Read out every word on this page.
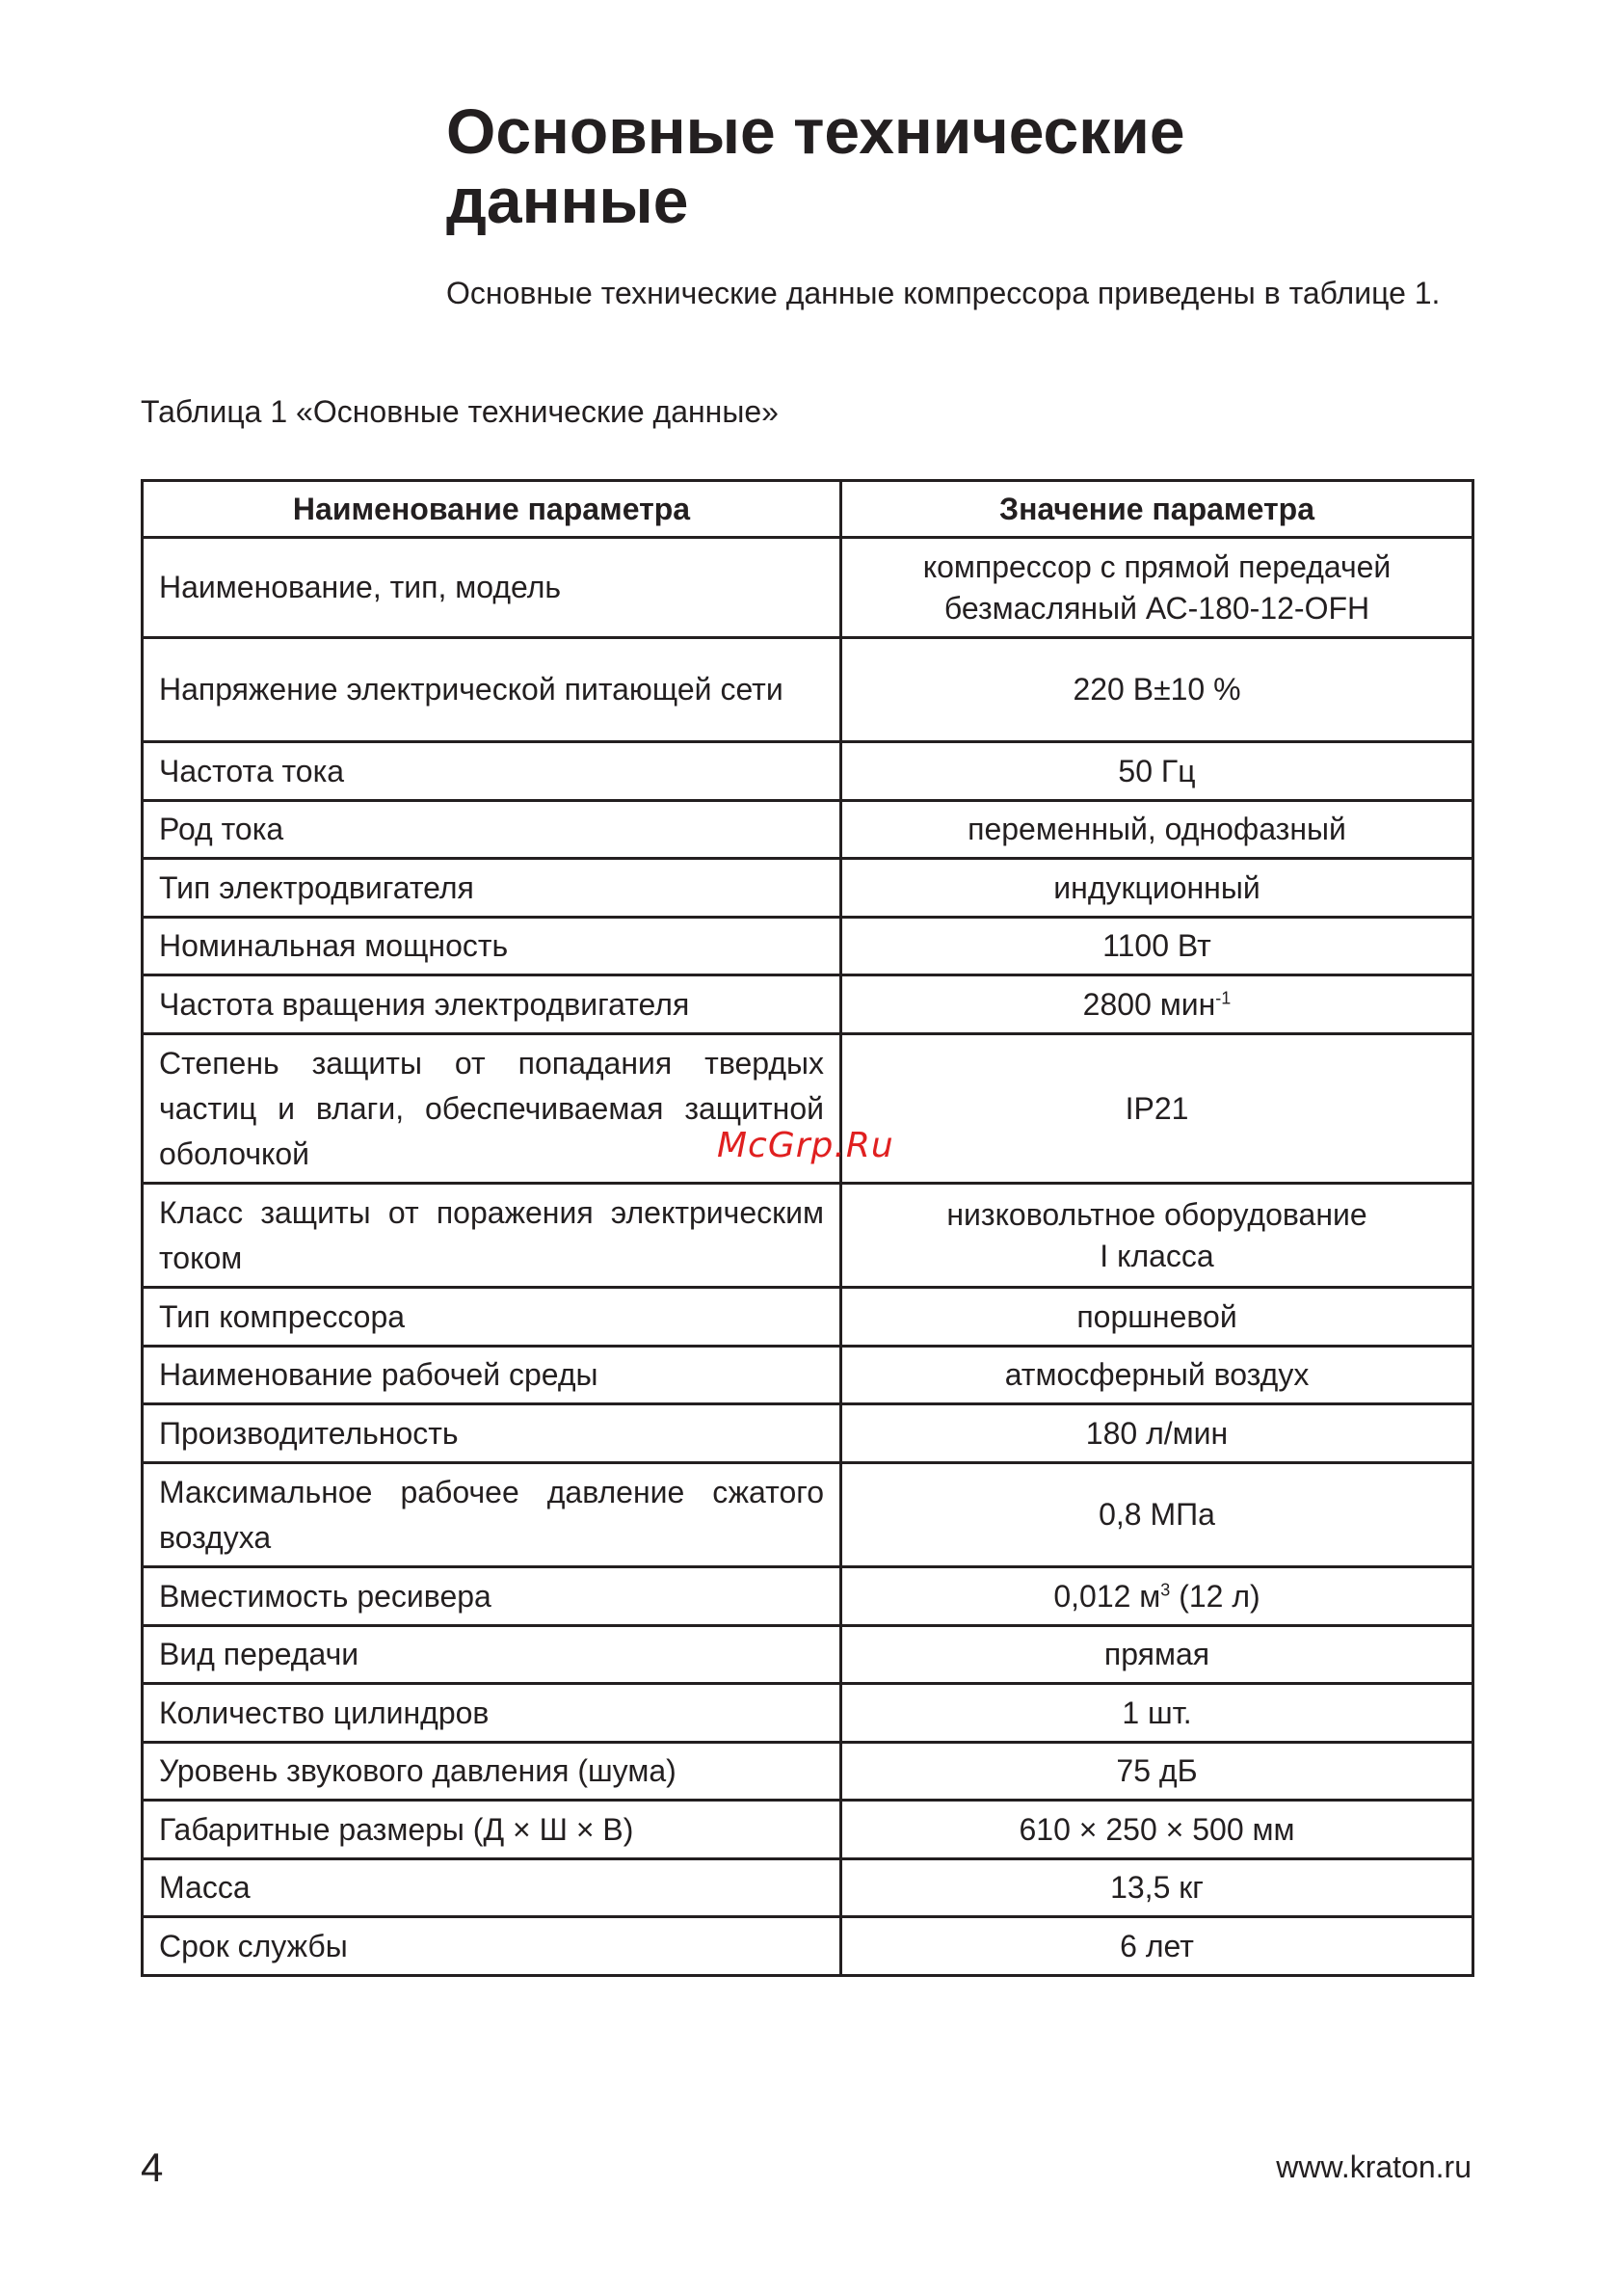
Основные технические
данные
Основные технические данные компрессора приведены в таблице 1.
Таблица 1 «Основные технические данные»
Наименование параметра	Значение параметра
Наименование, тип, модель	компрессор с прямой передачей
безмасляный АС-180-12-OFH
Напряжение электрической питающей сети	220 В±10 %
Частота тока	50 Гц
Род тока	переменный, однофазный
Тип электродвигателя	индукционный
Номинальная мощность	1100 Вт
Частота вращения электродвигателя	2800 мин$^{-1}$
Степень защиты от попадания твердых частиц и влаги, обеспечиваемая защитной оболочкой	IP21
Класс защиты от поражения электрическим током	низковольтное оборудование
I класса
Тип компрессора	поршневой
Наименование рабочей среды	атмосферный воздух
Производительность	180 л/мин
Максимальное рабочее давление сжатого воздуха	0,8 МПа
Вместимость ресивера	0,012 $м^3$ (12 л)
Вид передачи	прямая
Количество цилиндров	1 шт.
Уровень звукового давления (шума)	75 дБ
Габаритные размеры (Д × Ш × В)	610 × 250 × 500 мм
Масса	13,5 кг
Срок службы	6 лет
McGrp.Ru
4	www.kraton.ru
